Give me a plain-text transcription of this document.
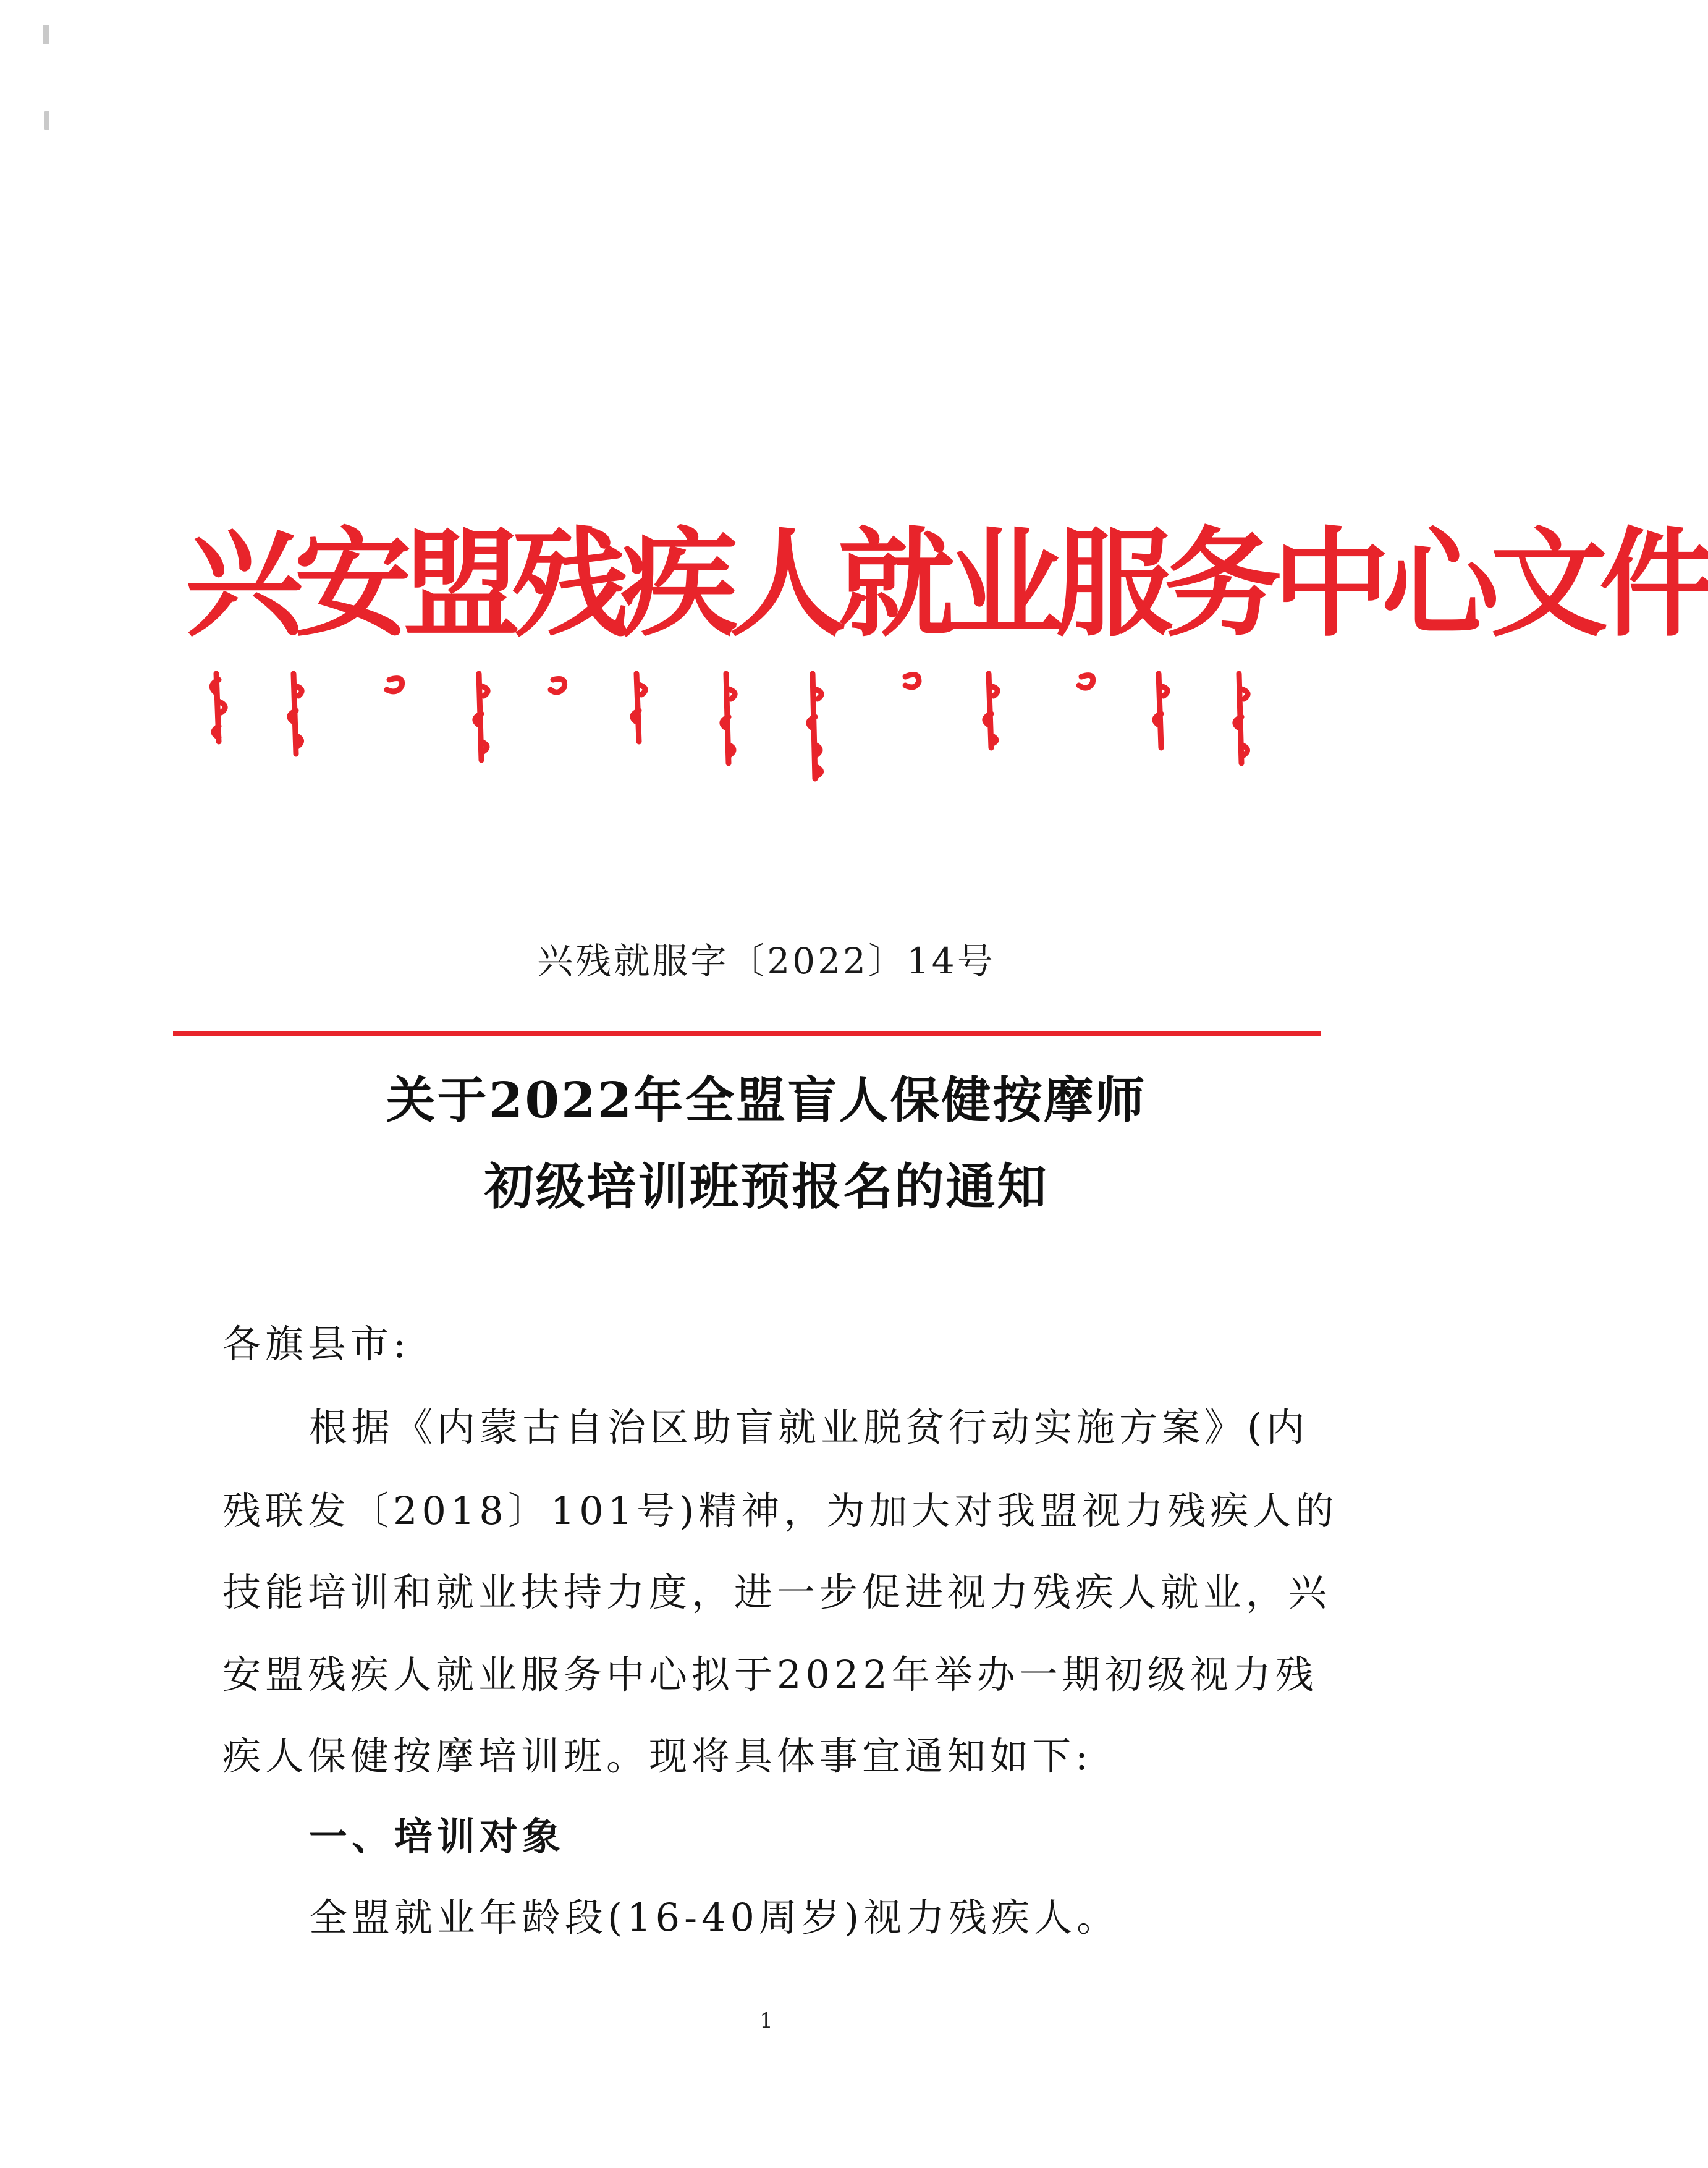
兴安盟残疾人就业服务中心文件
兴残就服字〔2022〕14号
关于2022年全盟盲人保健按摩师
初级培训班预报名的通知
各旗县市:
根据《内蒙古自治区助盲就业脱贫行动实施方案》(内
残联发〔2018〕101号)精神，为加大对我盟视力残疾人的
技能培训和就业扶持力度，进一步促进视力残疾人就业，兴
安盟残疾人就业服务中心拟于2022年举办一期初级视力残
疾人保健按摩培训班。现将具体事宜通知如下:
一、培训对象
全盟就业年龄段(16-40周岁)视力残疾人。
1
